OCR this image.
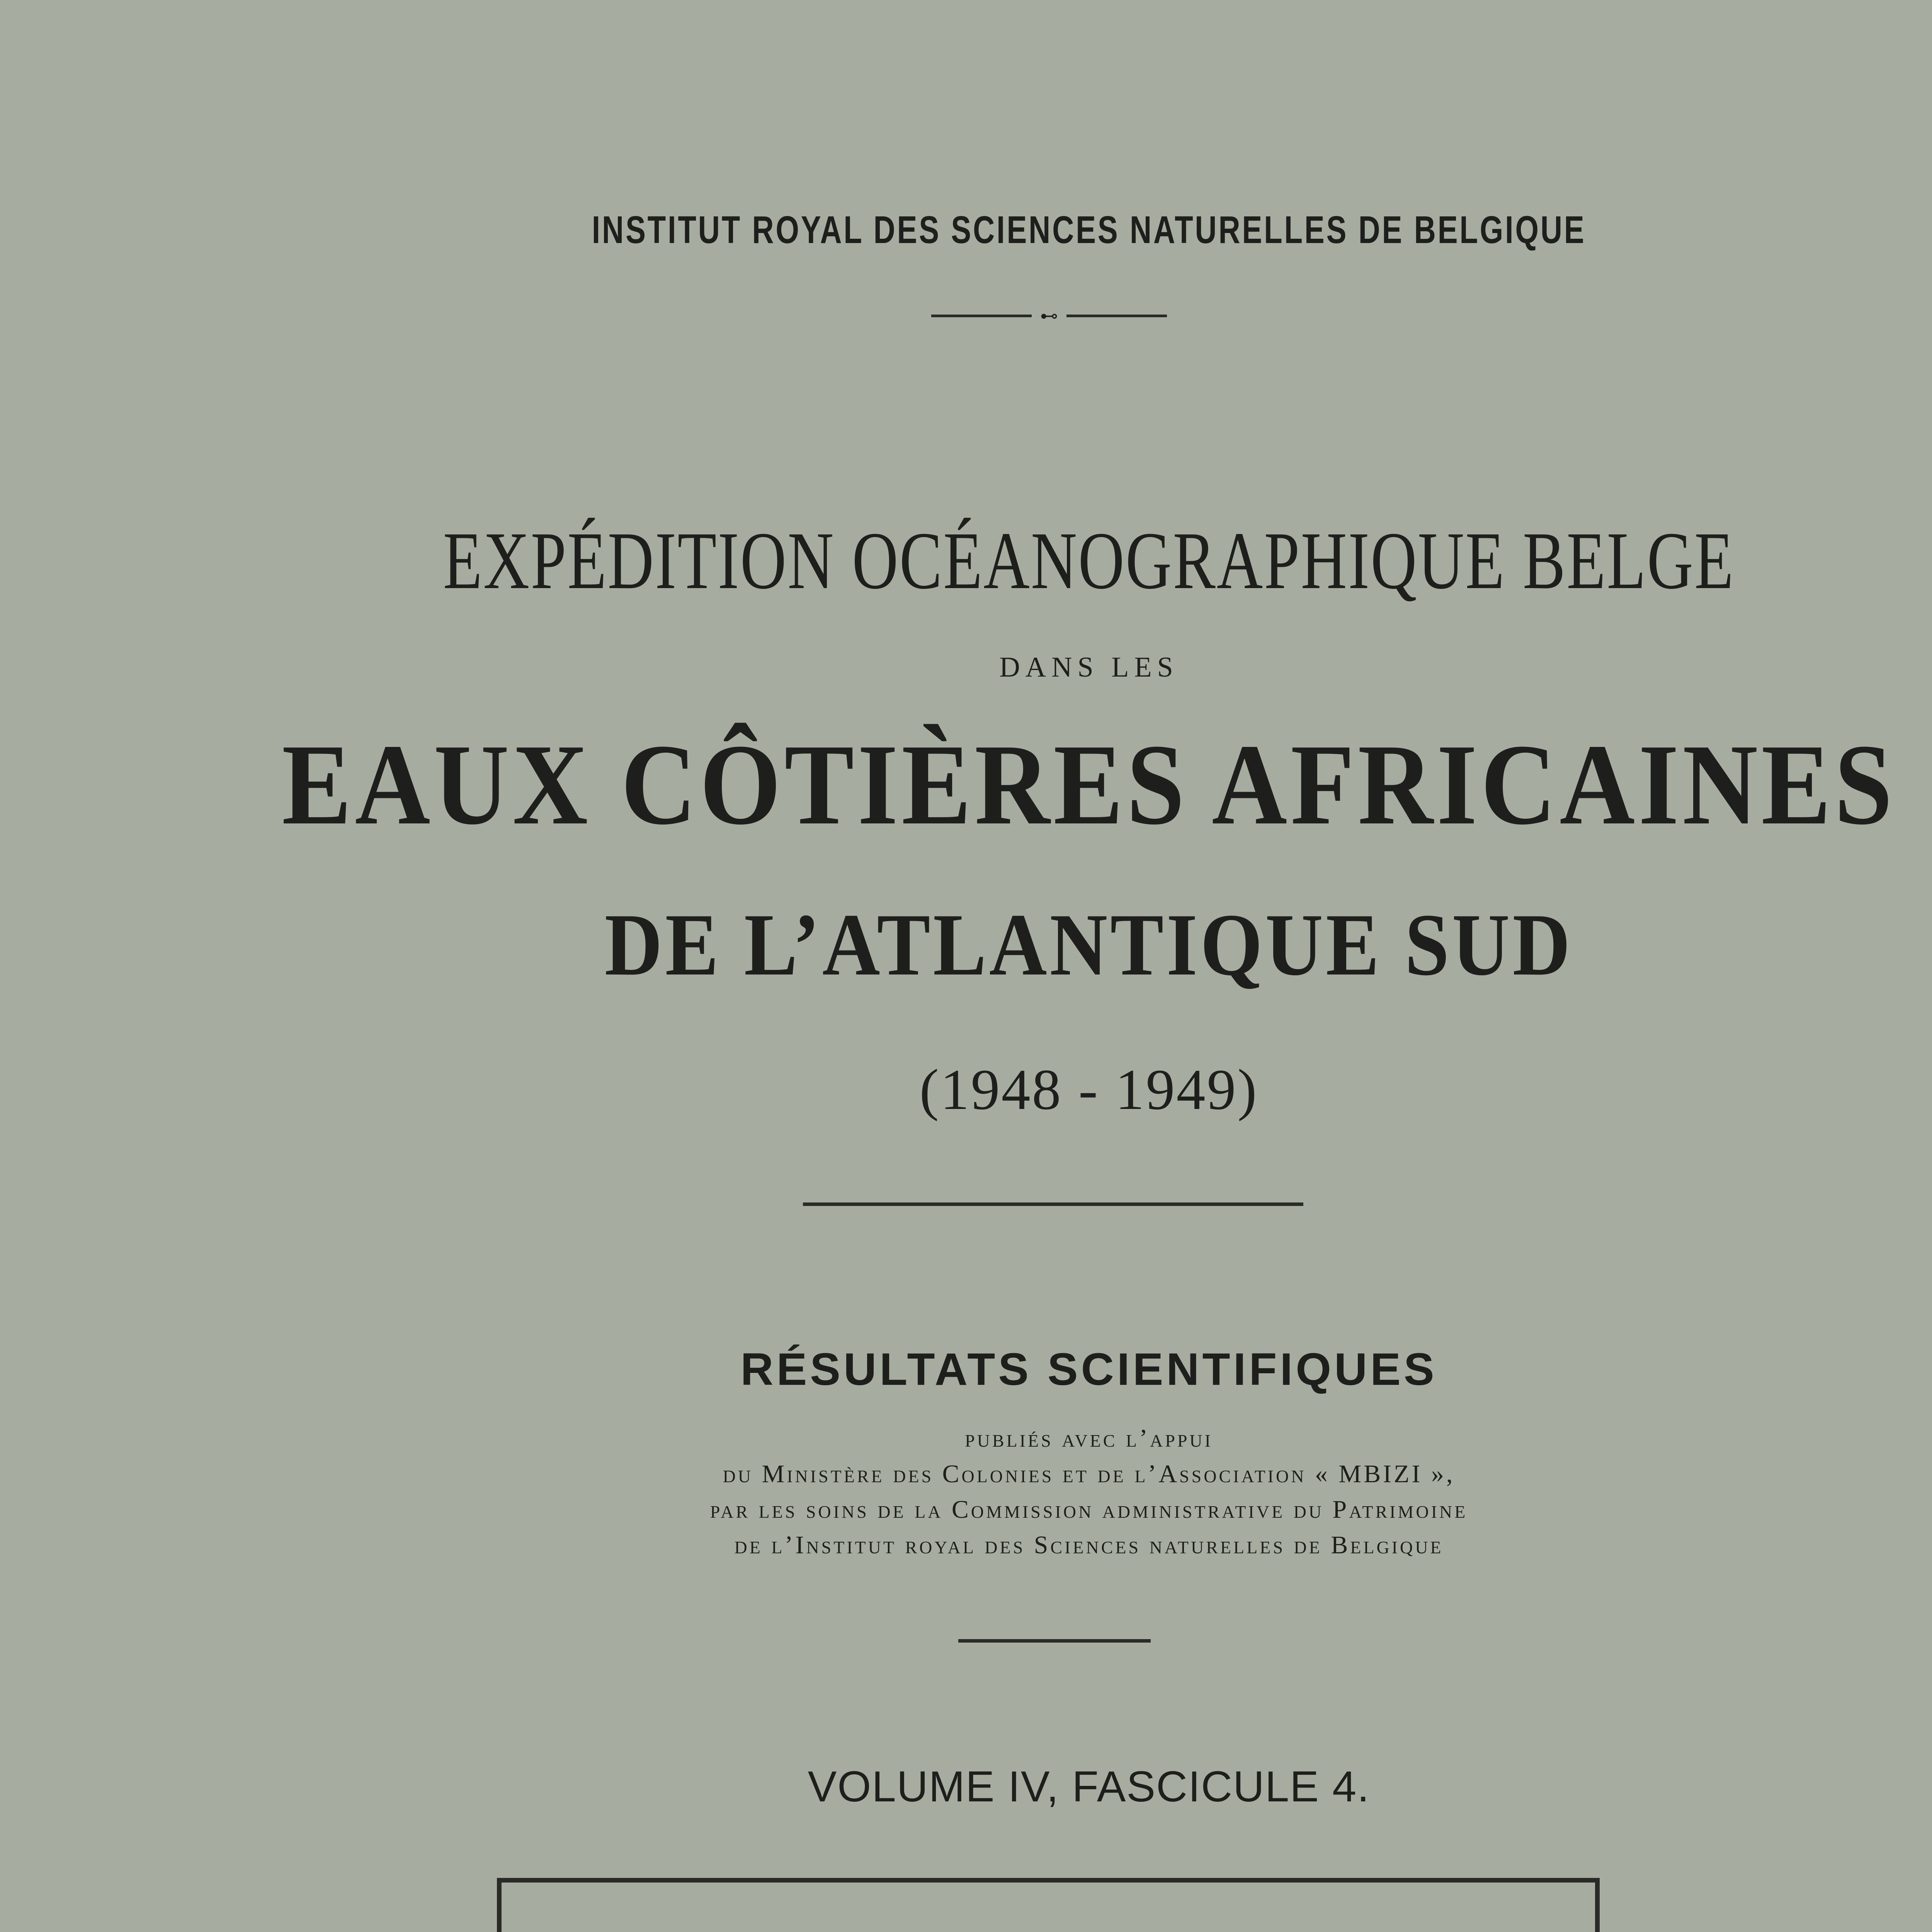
INSTITUT ROYAL DES SCIENCES NATURELLES DE BELGIQUE
⊷
EXPÉDITION OCÉANOGRAPHIQUE BELGE
DANS LES
EAUX CÔTIÈRES AFRICAINES
DE L’ATLANTIQUE SUD
(1948 - 1949)
RÉSULTATS SCIENTIFIQUES
publiés avec l’appui
du Ministère des Colonies et de l’Association « MBIZI »,
par les soins de la Commission administrative du Patrimoine
de l’Institut royal des Sciences naturelles de Belgique
VOLUME IV, FASCICULE 4.
